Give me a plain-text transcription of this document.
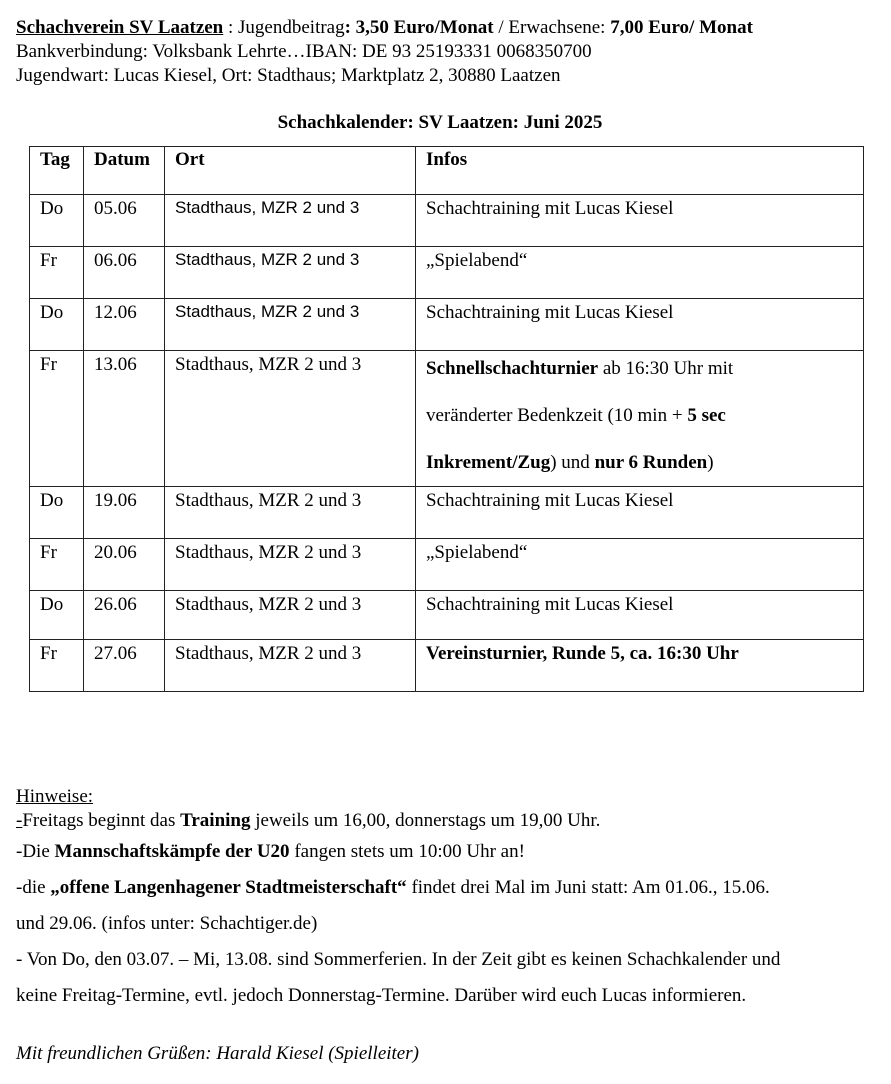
Schachverein SV Laatzen : Jugendbeitrag: 3,50 Euro/Monat / Erwachsene: 7,00 Euro/ Monat
Bankverbindung: Volksbank Lehrte…IBAN: DE 93 25193331 0068350700
Jugendwart: Lucas Kiesel, Ort: Stadthaus; Marktplatz 2, 30880 Laatzen
Schachkalender: SV Laatzen: Juni 2025
Tag	Datum	Ort	Infos
Do	05.06	Stadthaus, MZR 2 und 3	Schachtraining mit Lucas Kiesel
Fr	06.06	Stadthaus, MZR 2 und 3	„Spielabend“
Do	12.06	Stadthaus, MZR 2 und 3	Schachtraining mit Lucas Kiesel
Fr	13.06	Stadthaus, MZR 2 und 3	Schnellschachturnier ab 16:30 Uhr mit
veränderter Bedenkzeit (10 min + 5 sec
Inkrement/Zug) und nur 6 Runden)

Do	19.06	Stadthaus, MZR 2 und 3	Schachtraining mit Lucas Kiesel
Fr	20.06	Stadthaus, MZR 2 und 3	„Spielabend“
Do	26.06	Stadthaus, MZR 2 und 3	Schachtraining mit Lucas Kiesel
Fr	27.06	Stadthaus, MZR 2 und 3	Vereinsturnier, Runde 5, ca. 16:30 Uhr
Hinweise:
-Freitags beginnt das Training jeweils um 16,00, donnerstags um 19,00 Uhr.
-Die Mannschaftskämpfe der U20 fangen stets um 10:00 Uhr an!
-die „offene Langenhagener Stadtmeisterschaft“ findet drei Mal im Juni statt: Am 01.06., 15.06.
und 29.06. (infos unter: Schachtiger.de)
- Von Do, den 03.07. – Mi, 13.08. sind Sommerferien. In der Zeit gibt es keinen Schachkalender und
keine Freitag-Termine, evtl. jedoch Donnerstag-Termine. Darüber wird euch Lucas informieren.
Mit freundlichen Grüßen: Harald Kiesel (Spielleiter)
